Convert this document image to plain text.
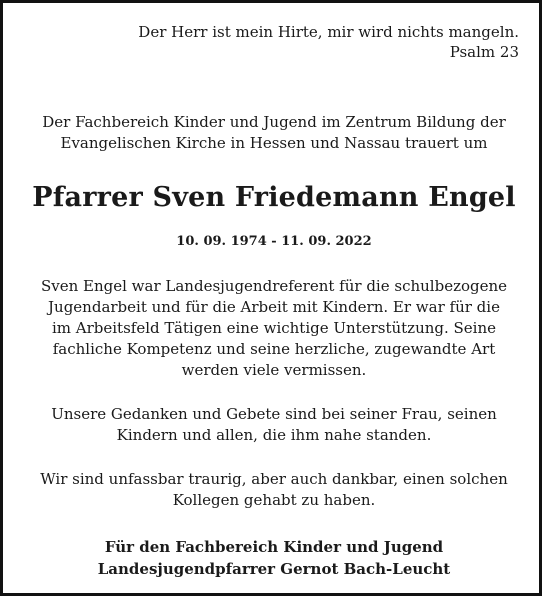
Der Herr ist mein Hirte, mir wird nichts mangeln.
Psalm 23
Der Fachbereich Kinder und Jugend im Zentrum Bildung der
Evangelischen Kirche in Hessen und Nassau trauert um
Pfarrer Sven Friedemann Engel
10. 09. 1974 - 11. 09. 2022
Sven Engel war Landesjugendreferent für die schulbezogene
Jugendarbeit und für die Arbeit mit Kindern. Er war für die
im Arbeitsfeld Tätigen eine wichtige Unterstützung. Seine
fachliche Kompetenz und seine herzliche, zugewandte Art
werden viele vermissen.
Unsere Gedanken und Gebete sind bei seiner Frau, seinen
Kindern und allen, die ihm nahe standen.
Wir sind unfassbar traurig, aber auch dankbar, einen solchen
Kollegen gehabt zu haben.
Für den Fachbereich Kinder und Jugend
Landesjugendpfarrer Gernot Bach-Leucht
